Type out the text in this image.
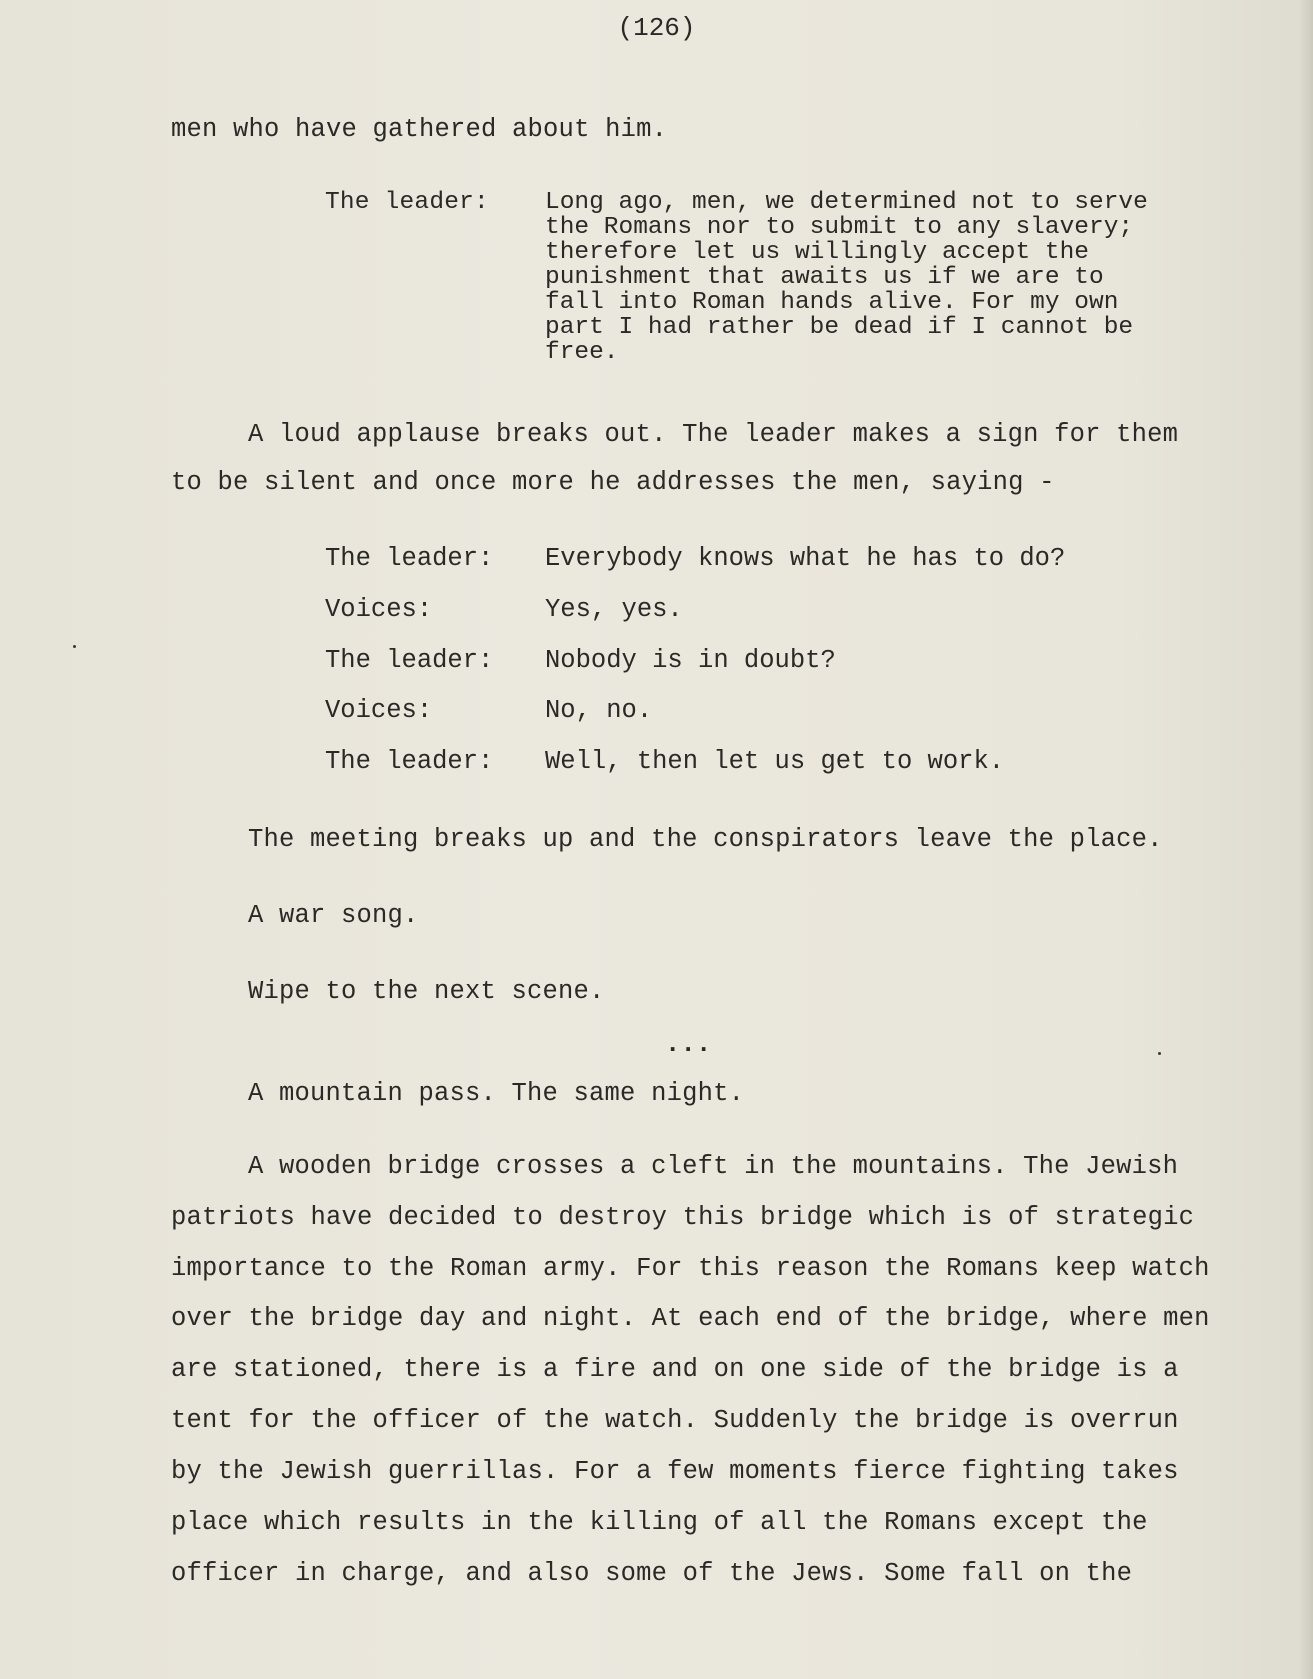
(126)
men who have gathered about him.
The leader: Long ago, men, we determined not to serve
the Romans nor to submit to any slavery;
therefore let us willingly accept the
punishment that awaits us if we are to
fall into Roman hands alive. For my own
part I had rather be dead if I cannot be
free.
A loud applause breaks out. The leader makes a sign for them
to be silent and once more he addresses the men, saying -
The leader: Everybody knows what he has to do?
Voices:	Yes, yes.
The leader: Nobody is in doubt?
Voices:	No, no.
The leader: Well, then let us get to work.
The meeting breaks up and the conspirators leave the place.
A war song.
Wipe to the next scene.
...
A mountain pass. The same night.
A wooden bridge crosses a cleft in the mountains. The Jewish
patriots have decided to destroy this bridge which is of strategic
importance to the Roman army. For this reason the Romans keep watch
over the bridge day and night. At each end of the bridge, where men
are stationed, there is a fire and on one side of the bridge is a
tent for the officer of the watch. Suddenly the bridge is overrun
by the Jewish guerrillas. For a few moments fierce fighting takes
place which results in the killing of all the Romans except the
officer in charge, and also some of the Jews. Some fall on the
